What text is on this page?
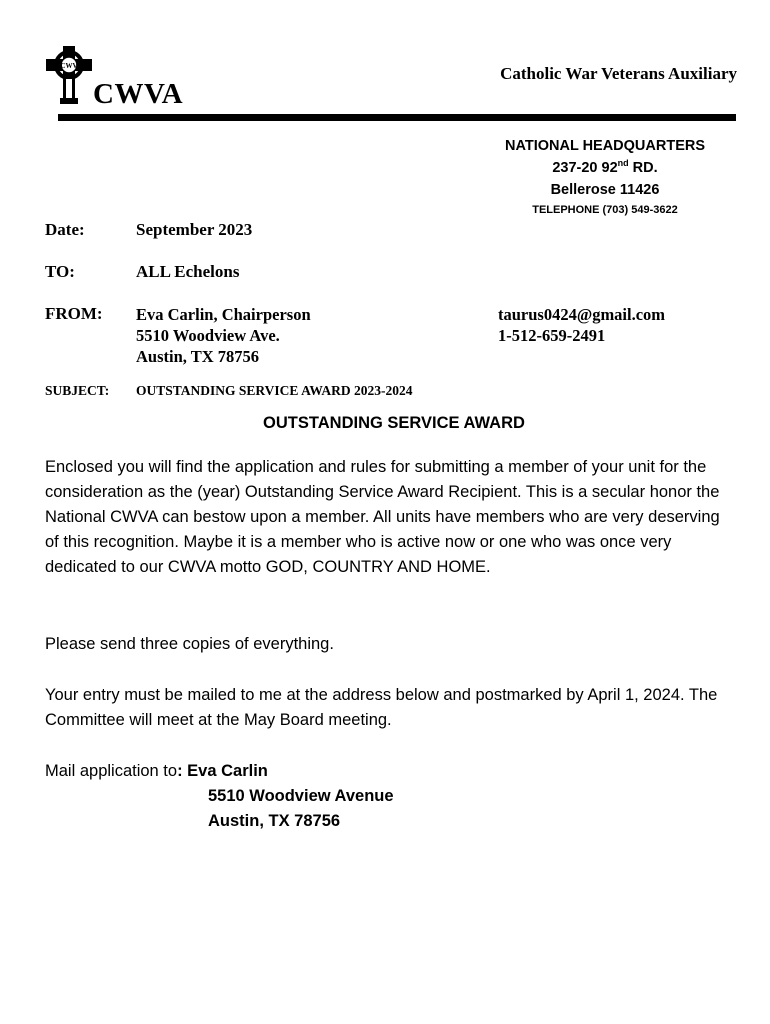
CWV
CWVA
Catholic War Veterans Auxiliary
NATIONAL HEADQUARTERS
237-20 92nd RD.
Bellerose 11426
TELEPHONE (703) 549-3622
Date:	September 2023
TO:	ALL Echelons
FROM: Eva Carlin, Chairperson
5510 Woodview Ave.
Austin, TX 78756
taurus0424@gmail.com
1-512-659-2491
SUBJECT: OUTSTANDING SERVICE AWARD 2023-2024
OUTSTANDING SERVICE AWARD

Enclosed you will find the application and rules for submitting a member of your unit for the consideration as the (year) Outstanding Service Award Recipient. This is a secular honor the National CWVA can bestow upon a member. All units have members who are very deserving of this recognition. Maybe it is a member who is active now or one who was once very dedicated to our CWVA motto GOD, COUNTRY AND HOME.

Please send three copies of everything.

Your entry must be mailed to me at the address below and postmarked by April 1, 2024. The Committee will meet at the May Board meeting.

Mail application to: Eva Carlin
5510 Woodview Avenue
Austin, TX 78756
